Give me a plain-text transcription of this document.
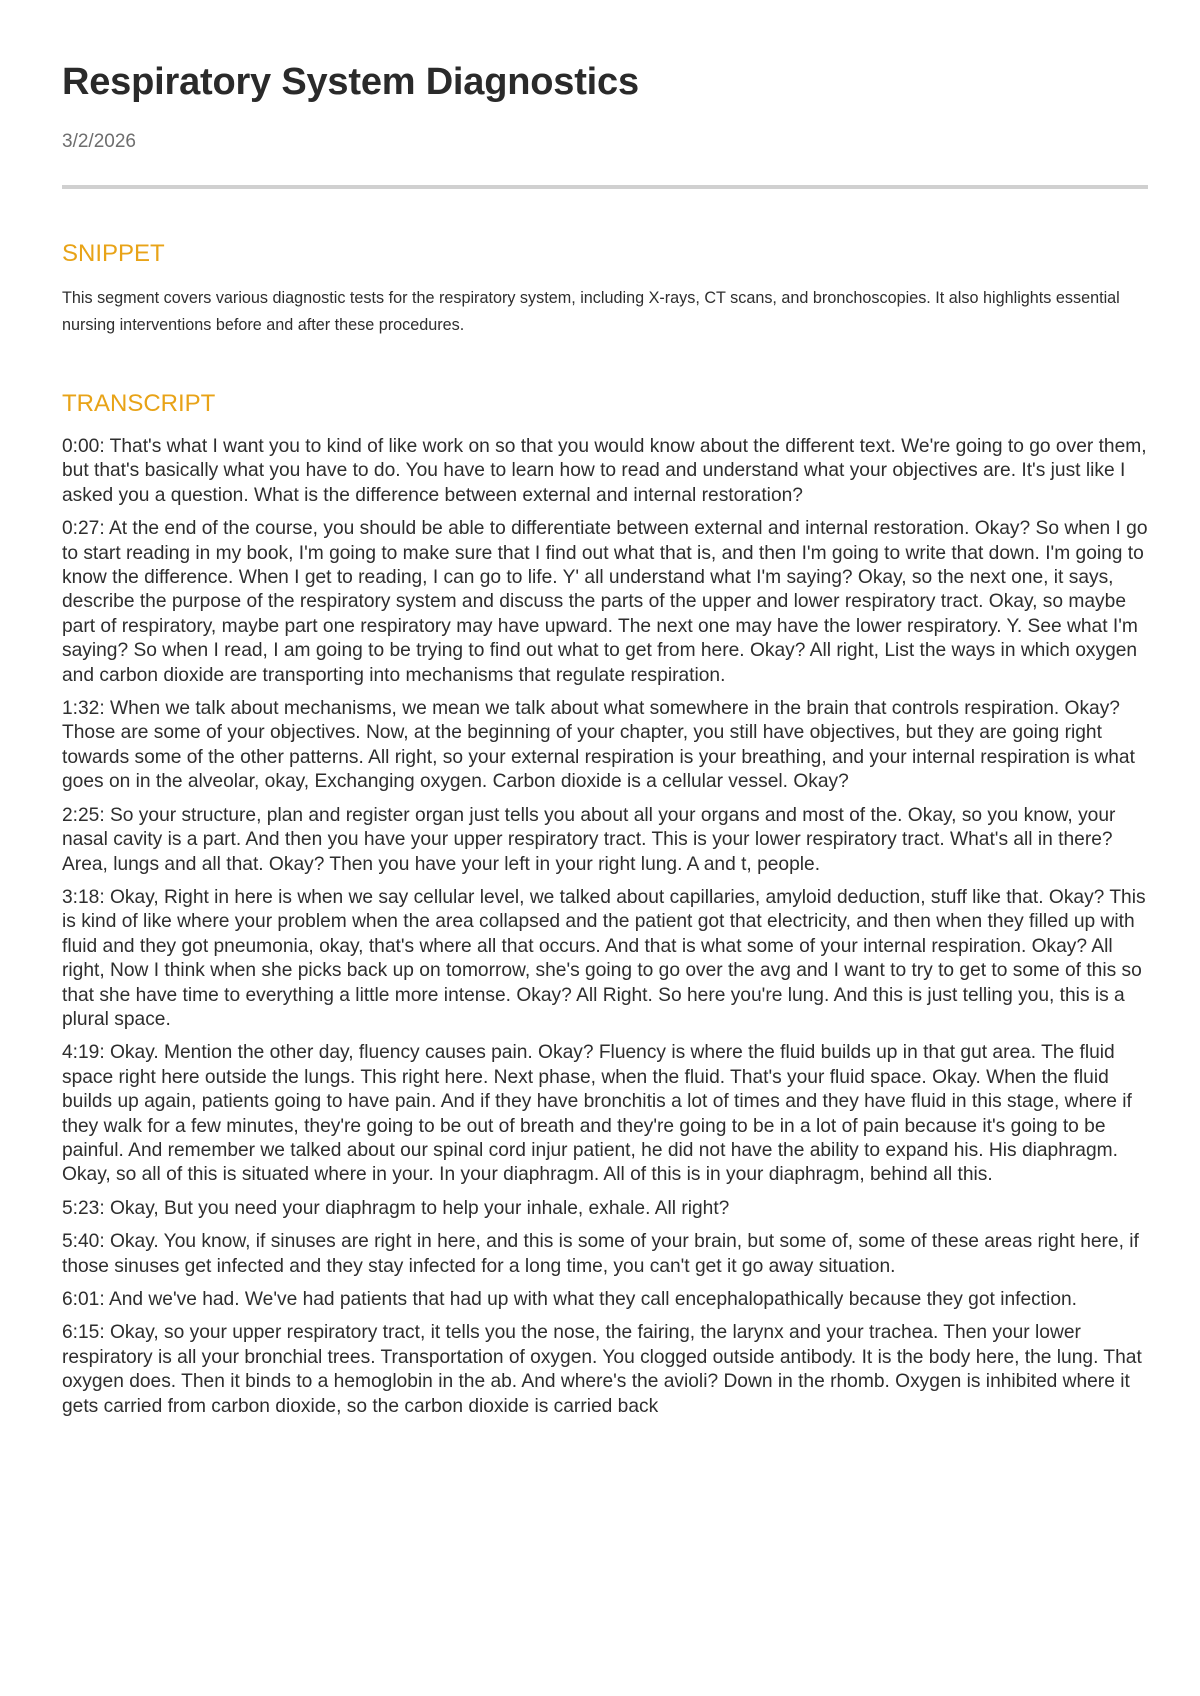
Respiratory System Diagnostics
3/2/2026
SNIPPET
This segment covers various diagnostic tests for the respiratory system, including X-rays, CT scans, and bronchoscopies. It also highlights essential nursing interventions before and after these procedures.
TRANSCRIPT

0:00: That's what I want you to kind of like work on so that you would know about the different text. We're going to go over them, but that's basically what you have to do. You have to learn how to read and understand what your objectives are. It's just like I asked you a question. What is the difference between external and internal restoration?

0:27: At the end of the course, you should be able to differentiate between external and internal restoration. Okay? So when I go to start reading in my book, I'm going to make sure that I find out what that is, and then I'm going to write that down. I'm going to know the difference. When I get to reading, I can go to life. Y' all understand what I'm saying? Okay, so the next one, it says, describe the purpose of the respiratory system and discuss the parts of the upper and lower respiratory tract. Okay, so maybe part of respiratory, maybe part one respiratory may have upward. The next one may have the lower respiratory. Y. See what I'm saying? So when I read, I am going to be trying to find out what to get from here. Okay? All right, List the ways in which oxygen and carbon dioxide are transporting into mechanisms that regulate respiration.

1:32: When we talk about mechanisms, we mean we talk about what somewhere in the brain that controls respiration. Okay? Those are some of your objectives. Now, at the beginning of your chapter, you still have objectives, but they are going right towards some of the other patterns. All right, so your external respiration is your breathing, and your internal respiration is what goes on in the alveolar, okay, Exchanging oxygen. Carbon dioxide is a cellular vessel. Okay?

2:25: So your structure, plan and register organ just tells you about all your organs and most of the. Okay, so you know, your nasal cavity is a part. And then you have your upper respiratory tract. This is your lower respiratory tract. What's all in there? Area, lungs and all that. Okay? Then you have your left in your right lung. A and t, people.

3:18: Okay, Right in here is when we say cellular level, we talked about capillaries, amyloid deduction, stuff like that. Okay? This is kind of like where your problem when the area collapsed and the patient got that electricity, and then when they filled up with fluid and they got pneumonia, okay, that's where all that occurs. And that is what some of your internal respiration. Okay? All right, Now I think when she picks back up on tomorrow, she's going to go over the avg and I want to try to get to some of this so that she have time to everything a little more intense. Okay? All Right. So here you're lung. And this is just telling you, this is a plural space.

4:19: Okay. Mention the other day, fluency causes pain. Okay? Fluency is where the fluid builds up in that gut area. The fluid space right here outside the lungs. This right here. Next phase, when the fluid. That's your fluid space. Okay. When the fluid builds up again, patients going to have pain. And if they have bronchitis a lot of times and they have fluid in this stage, where if they walk for a few minutes, they're going to be out of breath and they're going to be in a lot of pain because it's going to be painful. And remember we talked about our spinal cord injur patient, he did not have the ability to expand his. His diaphragm. Okay, so all of this is situated where in your. In your diaphragm. All of this is in your diaphragm, behind all this.

5:23: Okay, But you need your diaphragm to help your inhale, exhale. All right?

5:40: Okay. You know, if sinuses are right in here, and this is some of your brain, but some of, some of these areas right here, if those sinuses get infected and they stay infected for a long time, you can't get it go away situation.

6:01: And we've had. We've had patients that had up with what they call encephalopathically because they got infection.

6:15: Okay, so your upper respiratory tract, it tells you the nose, the fairing, the larynx and your trachea. Then your lower respiratory is all your bronchial trees. Transportation of oxygen. You clogged outside antibody. It is the body here, the lung. That oxygen does. Then it binds to a hemoglobin in the ab. And where's the avioli? Down in the rhomb. Oxygen is inhibited where it gets carried from carbon dioxide, so the carbon dioxide is carried back
